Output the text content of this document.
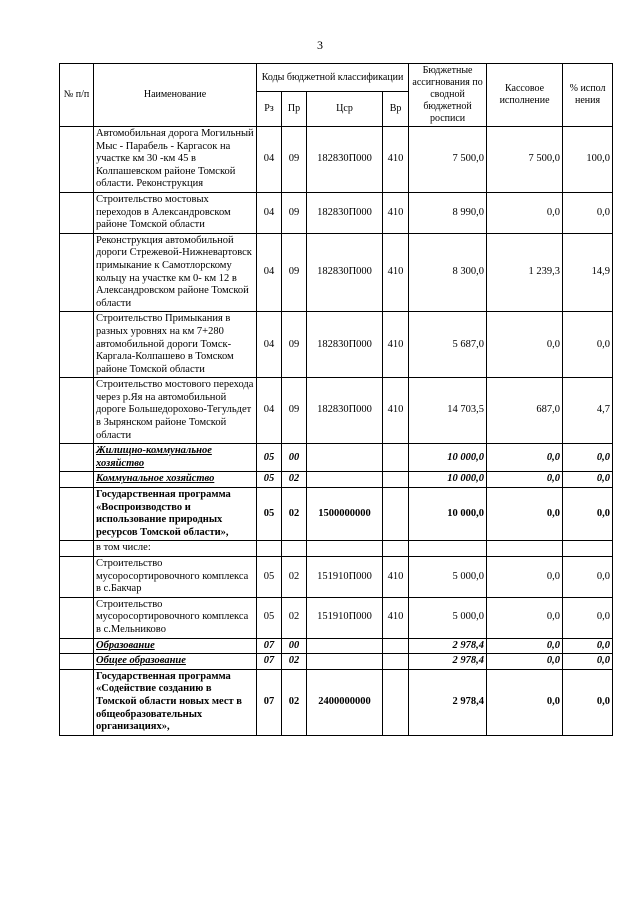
3
№ п/п	Наименование	Коды бюджетной классификации				Бюджетные ассигнования по сводной бюджетной росписи	Кассовое исполнение	% испол нения
		Рз	Пр	Цср	Вр			
	Автомобильная дорога Могильный Мыс - Парабель - Каргасок на участке км 30 -км 45 в Колпашевском районе Томской области. Реконструкция	04	09	182830П000	410	7 500,0	7 500,0	100,0
	Строительство мостовых переходов в Александровском районе Томской области	04	09	182830П000	410	8 990,0	0,0	0,0
	Реконструкция автомобильной дороги Стрежевой-Нижневартовск примыкание к Самотлорскому кольцу на участке км 0- км 12 в Александровском районе Томской области	04	09	182830П000	410	8 300,0	1 239,3	14,9
	Строительство Примыкания в разных уровнях на км 7+280 автомобильной дороги Томск-Каргала-Колпашево в Томском районе Томской области	04	09	182830П000	410	5 687,0	0,0	0,0
	Строительство мостового перехода через р.Яя на автомобильной дороге Большедорохово-Тегульдет в Зырянском районе Томской области	04	09	182830П000	410	14 703,5	687,0	4,7
	Жилищно-коммунальное хозяйство	05	00			10 000,0	0,0	0,0
	Коммунальное хозяйство	05	02			10 000,0	0,0	0,0
	Государственная программа «Воспроизводство и использование природных ресурсов Томской области»,	05	02	1500000000		10 000,0	0,0	0,0
	в том числе:							
	Строительство мусоросортировочного комплекса в с.Бакчар	05	02	151910П000	410	5 000,0	0,0	0,0
	Строительство мусоросортировочного комплекса в с.Мельниково	05	02	151910П000	410	5 000,0	0,0	0,0
	Образование	07	00			2 978,4	0,0	0,0
	Общее образование	07	02			2 978,4	0,0	0,0
	Государственная программа «Содействие созданию в Томской области новых мест в общеобразовательных организациях»,	07	02	2400000000		2 978,4	0,0	0,0
